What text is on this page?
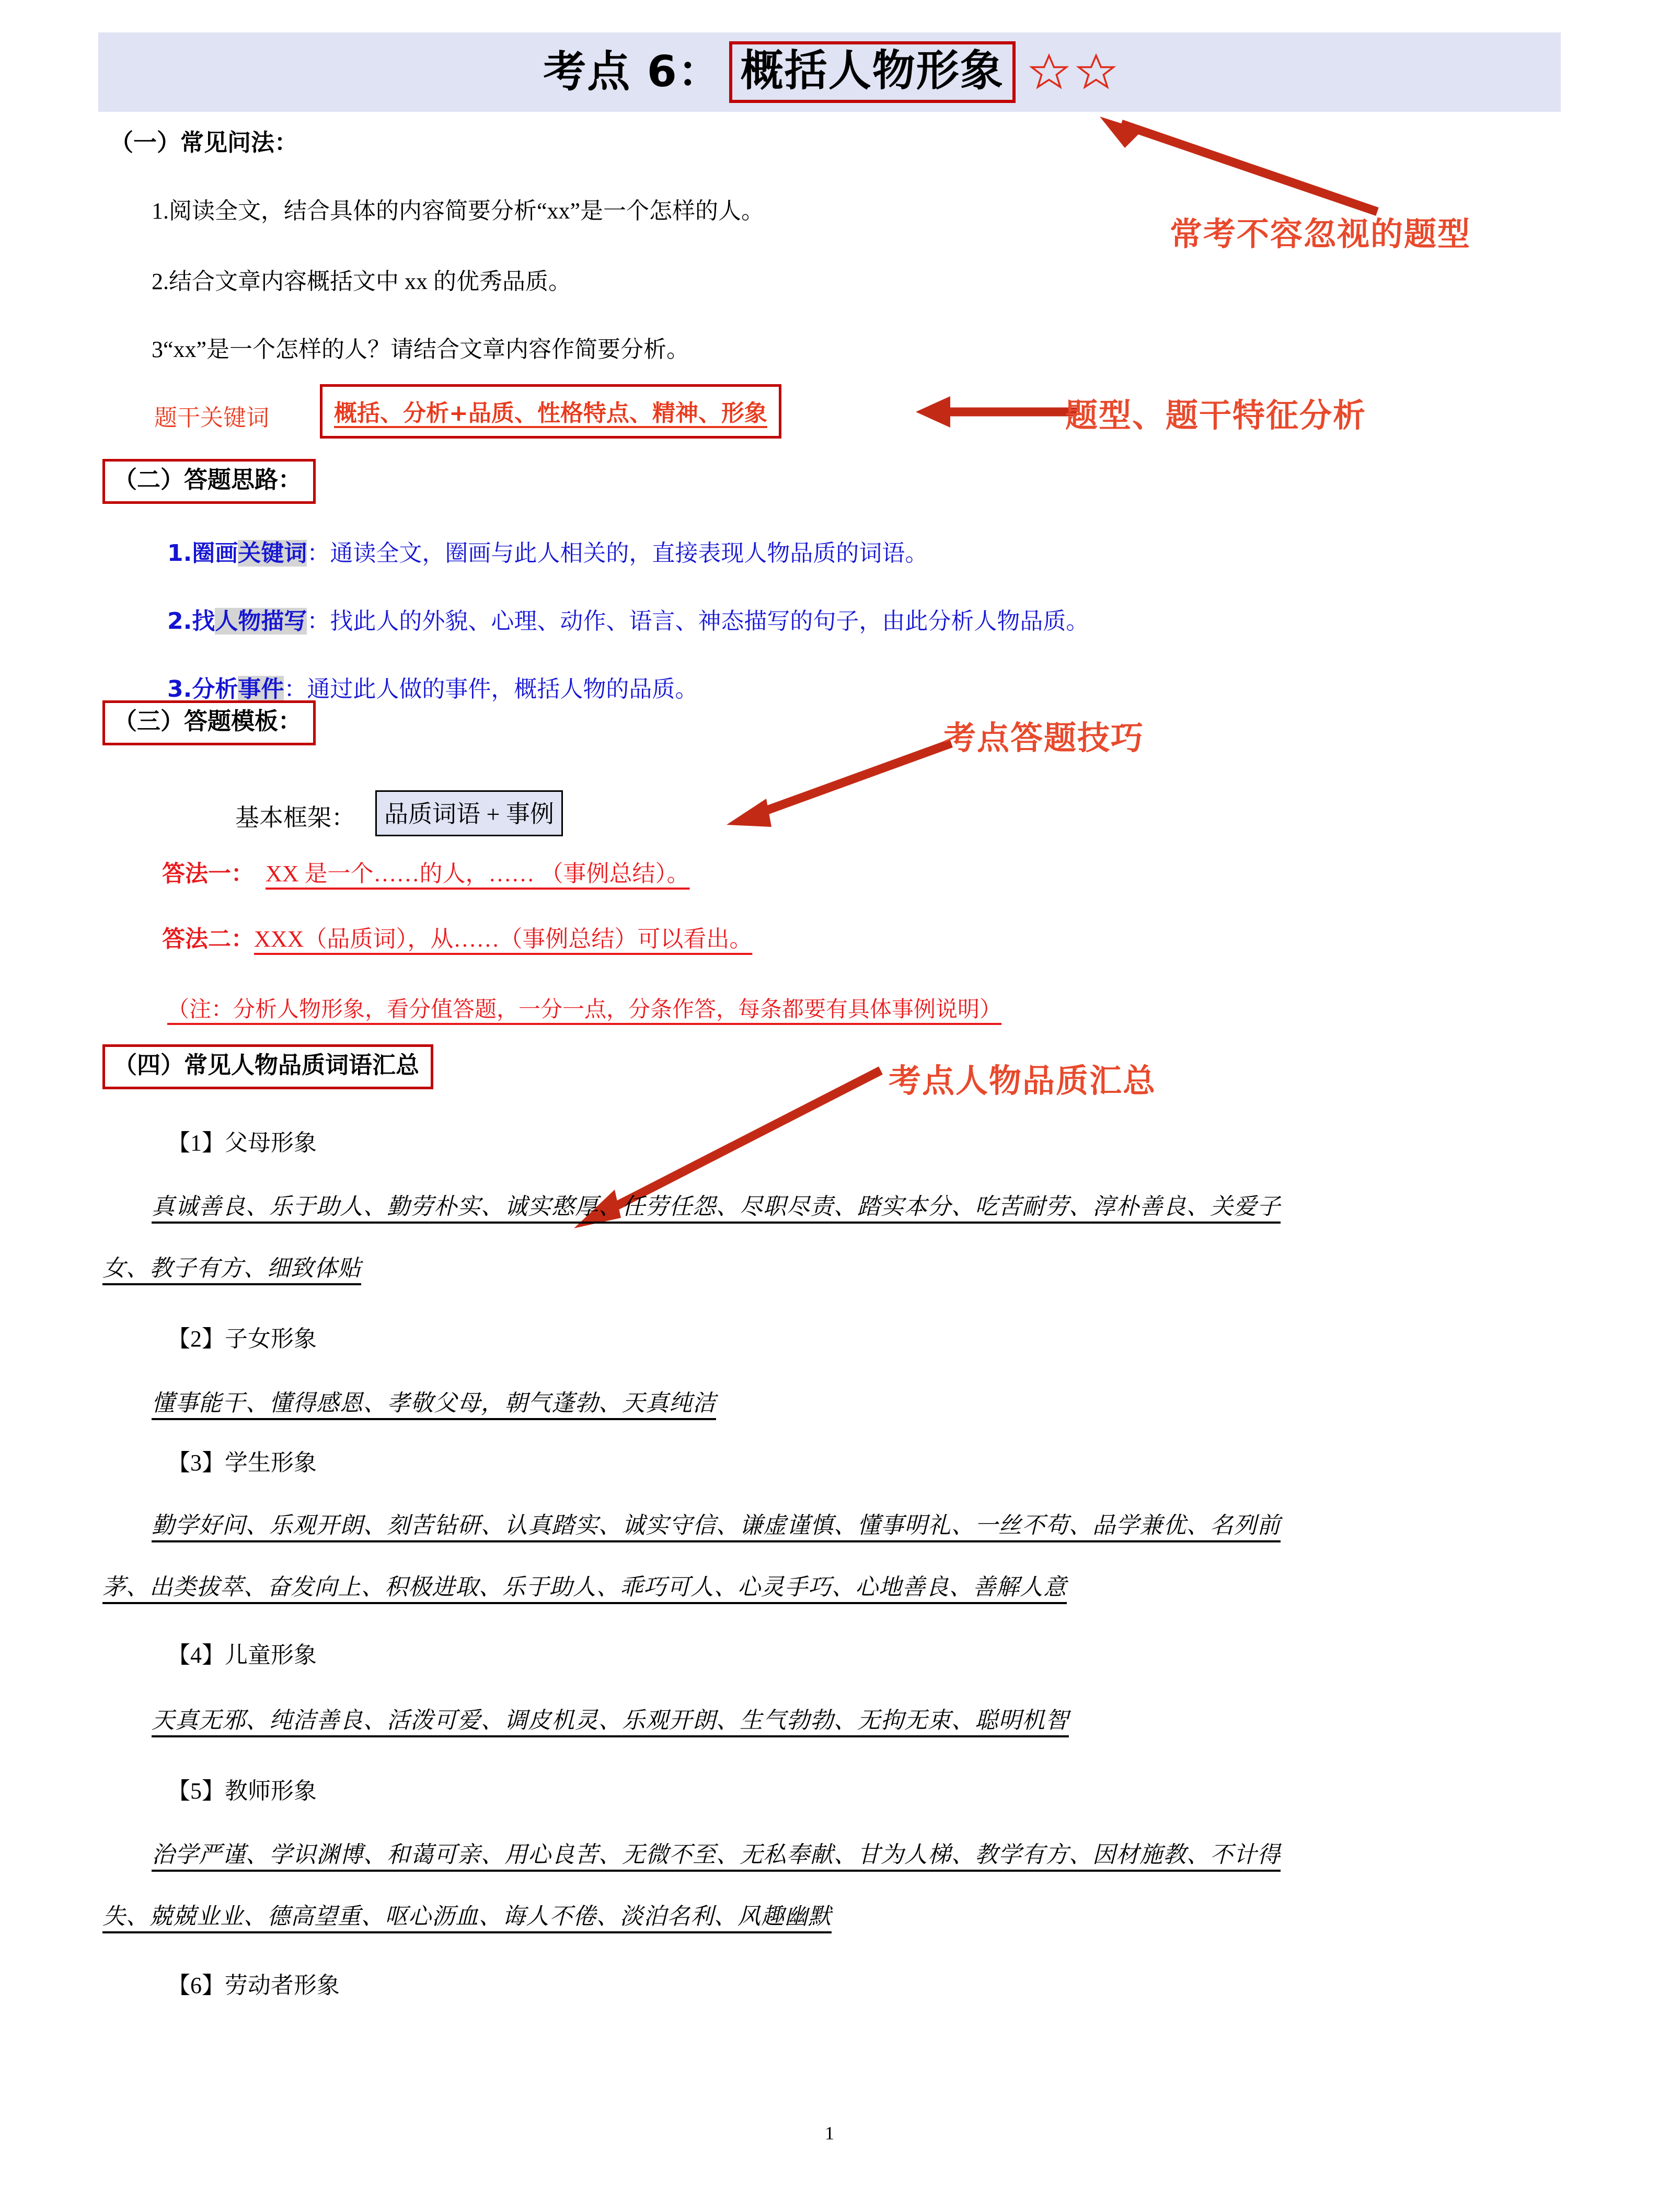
考点 6： 概括人物形象
（一）常见问法：
1.阅读全文，结合具体的内容简要分析“xx”是一个怎样的人。
2.结合文章内容概括文中 xx 的优秀品质。
3“xx”是一个怎样的人？请结合文章内容作简要分析。
题干关键词	概括、分析+品质、性格特点、精神、形象
常考不容忽视的题型
题型、题干特征分析
（二）答题思路：
1.圈画关键词：通读全文，圈画与此人相关的，直接表现人物品质的词语。
2.找人物描写：找此人的外貌、心理、动作、语言、神态描写的句子，由此分析人物品质。
3.分析事件：通过此人做的事件，概括人物的品质。
（三）答题模板：
基本框架：	品质词语 + 事例
答法一： XX 是一个……的人，…… （事例总结）。
答法二：XXX（品质词），从……（事例总结）可以看出。
（注：分析人物形象，看分值答题，一分一点，分条作答，每条都要有具体事例说明）
考点答题技巧
（四）常见人物品质词语汇总	考点人物品质汇总
【1】父母形象
真诚善良、乐于助人、勤劳朴实、诚实憨厚、任劳任怨、尽职尽责、踏实本分、吃苦耐劳、淳朴善良、关爱子
女、教子有方、细致体贴
【2】子女形象
懂事能干、懂得感恩、孝敬父母，朝气蓬勃、天真纯洁
【3】学生形象
勤学好问、乐观开朗、刻苦钻研、认真踏实、诚实守信、谦虚谨慎、懂事明礼、一丝不苟、品学兼优、名列前
茅、出类拔萃、奋发向上、积极进取、乐于助人、乖巧可人、心灵手巧、心地善良、善解人意
【4】儿童形象
天真无邪、纯洁善良、活泼可爱、调皮机灵、乐观开朗、生气勃勃、无拘无束、聪明机智
【5】教师形象
治学严谨、学识渊博、和蔼可亲、用心良苦、无微不至、无私奉献、甘为人梯、教学有方、因材施教、不计得
失、兢兢业业、德高望重、呕心沥血、诲人不倦、淡泊名利、风趣幽默
【6】劳动者形象
1
